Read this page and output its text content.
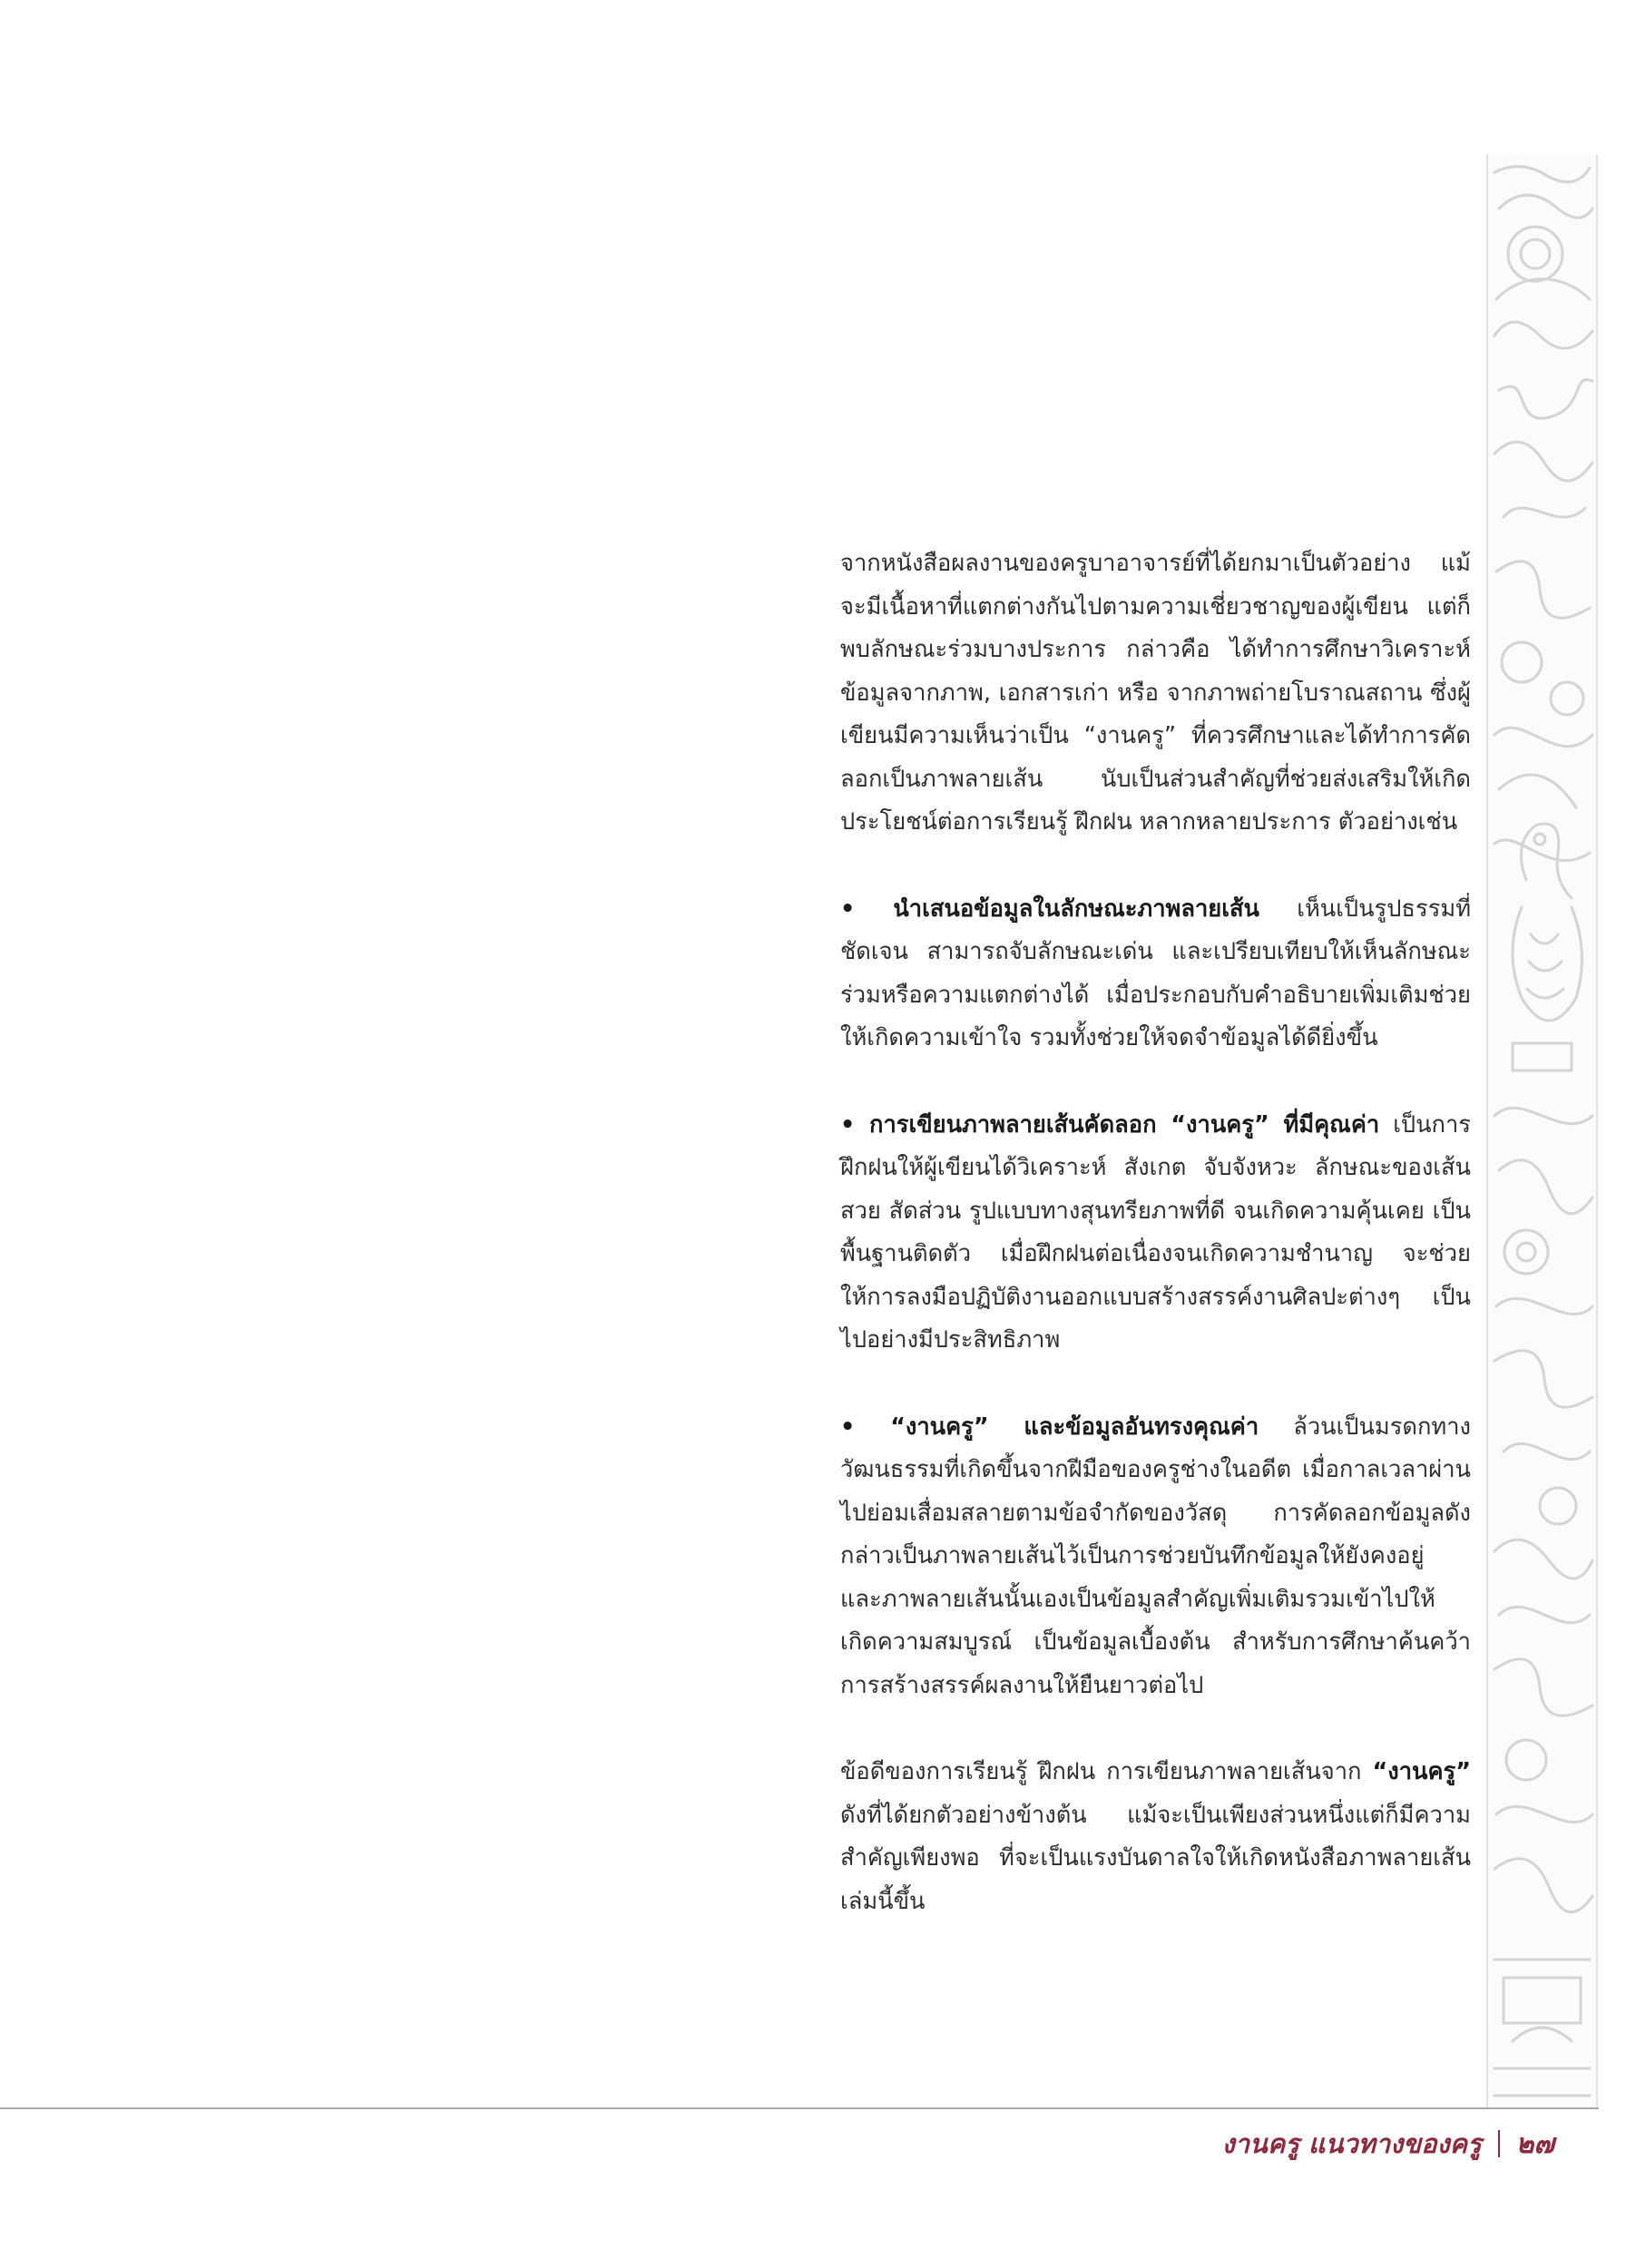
จากหนังสือผลงานของครูบาอาจารย์ที่ได้ยกมาเป็นตัวอย่าง แม้จะมีเนื้อหาที่แตกต่างกันไปตามความเชี่ยวชาญของผู้เขียน แต่ก็พบลักษณะร่วมบางประการ กล่าวคือ ได้ทำการศึกษาวิเคราะห์ข้อมูลจากภาพ, เอกสารเก่า หรือ จากภาพถ่ายโบราณสถาน ซึ่งผู้เขียนมีความเห็นว่าเป็น “งานครู” ที่ควรศึกษาและได้ทำการคัดลอกเป็นภาพลายเส้น นับเป็นส่วนสำคัญที่ช่วยส่งเสริมให้เกิดประโยชน์ต่อการเรียนรู้ ฝึกฝน หลากหลายประการ ตัวอย่างเช่น

• นำเสนอข้อมูลในลักษณะภาพลายเส้น เห็นเป็นรูปธรรมที่ชัดเจน สามารถจับลักษณะเด่น และเปรียบเทียบให้เห็นลักษณะร่วมหรือความแตกต่างได้ เมื่อประกอบกับคำอธิบายเพิ่มเติมช่วยให้เกิดความเข้าใจ รวมทั้งช่วยให้จดจำข้อมูลได้ดียิ่งขึ้น

• การเขียนภาพลายเส้นคัดลอก “งานครู” ที่มีคุณค่า เป็นการฝึกฝนให้ผู้เขียนได้วิเคราะห์ สังเกต จับจังหวะ ลักษณะของเส้นสวย สัดส่วน รูปแบบทางสุนทรียภาพที่ดี จนเกิดความคุ้นเคย เป็นพื้นฐานติดตัว เมื่อฝึกฝนต่อเนื่องจนเกิดความชำนาญ จะช่วยให้การลงมือปฏิบัติงานออกแบบสร้างสรรค์งานศิลปะต่างๆ เป็นไปอย่างมีประสิทธิภาพ

• “งานครู” และข้อมูลอันทรงคุณค่า ล้วนเป็นมรดกทางวัฒนธรรมที่เกิดขึ้นจากฝีมือของครูช่างในอดีต เมื่อกาลเวลาผ่านไปย่อมเสื่อมสลายตามข้อจำกัดของวัสดุ การคัดลอกข้อมูลดังกล่าวเป็นภาพลายเส้นไว้เป็นการช่วยบันทึกข้อมูลให้ยังคงอยู่ และภาพลายเส้นนั้นเองเป็นข้อมูลสำคัญเพิ่มเติมรวมเข้าไปให้เกิดความสมบูรณ์ เป็นข้อมูลเบื้องต้น สำหรับการศึกษาค้นคว้า การสร้างสรรค์ผลงานให้ยืนยาวต่อไป

ข้อดีของการเรียนรู้ ฝึกฝน การเขียนภาพลายเส้นจาก “งานครู” ดังที่ได้ยกตัวอย่างข้างต้น แม้จะเป็นเพียงส่วนหนึ่งแต่ก็มีความสำคัญเพียงพอ ที่จะเป็นแรงบันดาลใจให้เกิดหนังสือภาพลายเส้นเล่มนี้ขึ้น

งานครู แนวทางของครู ๒๗
